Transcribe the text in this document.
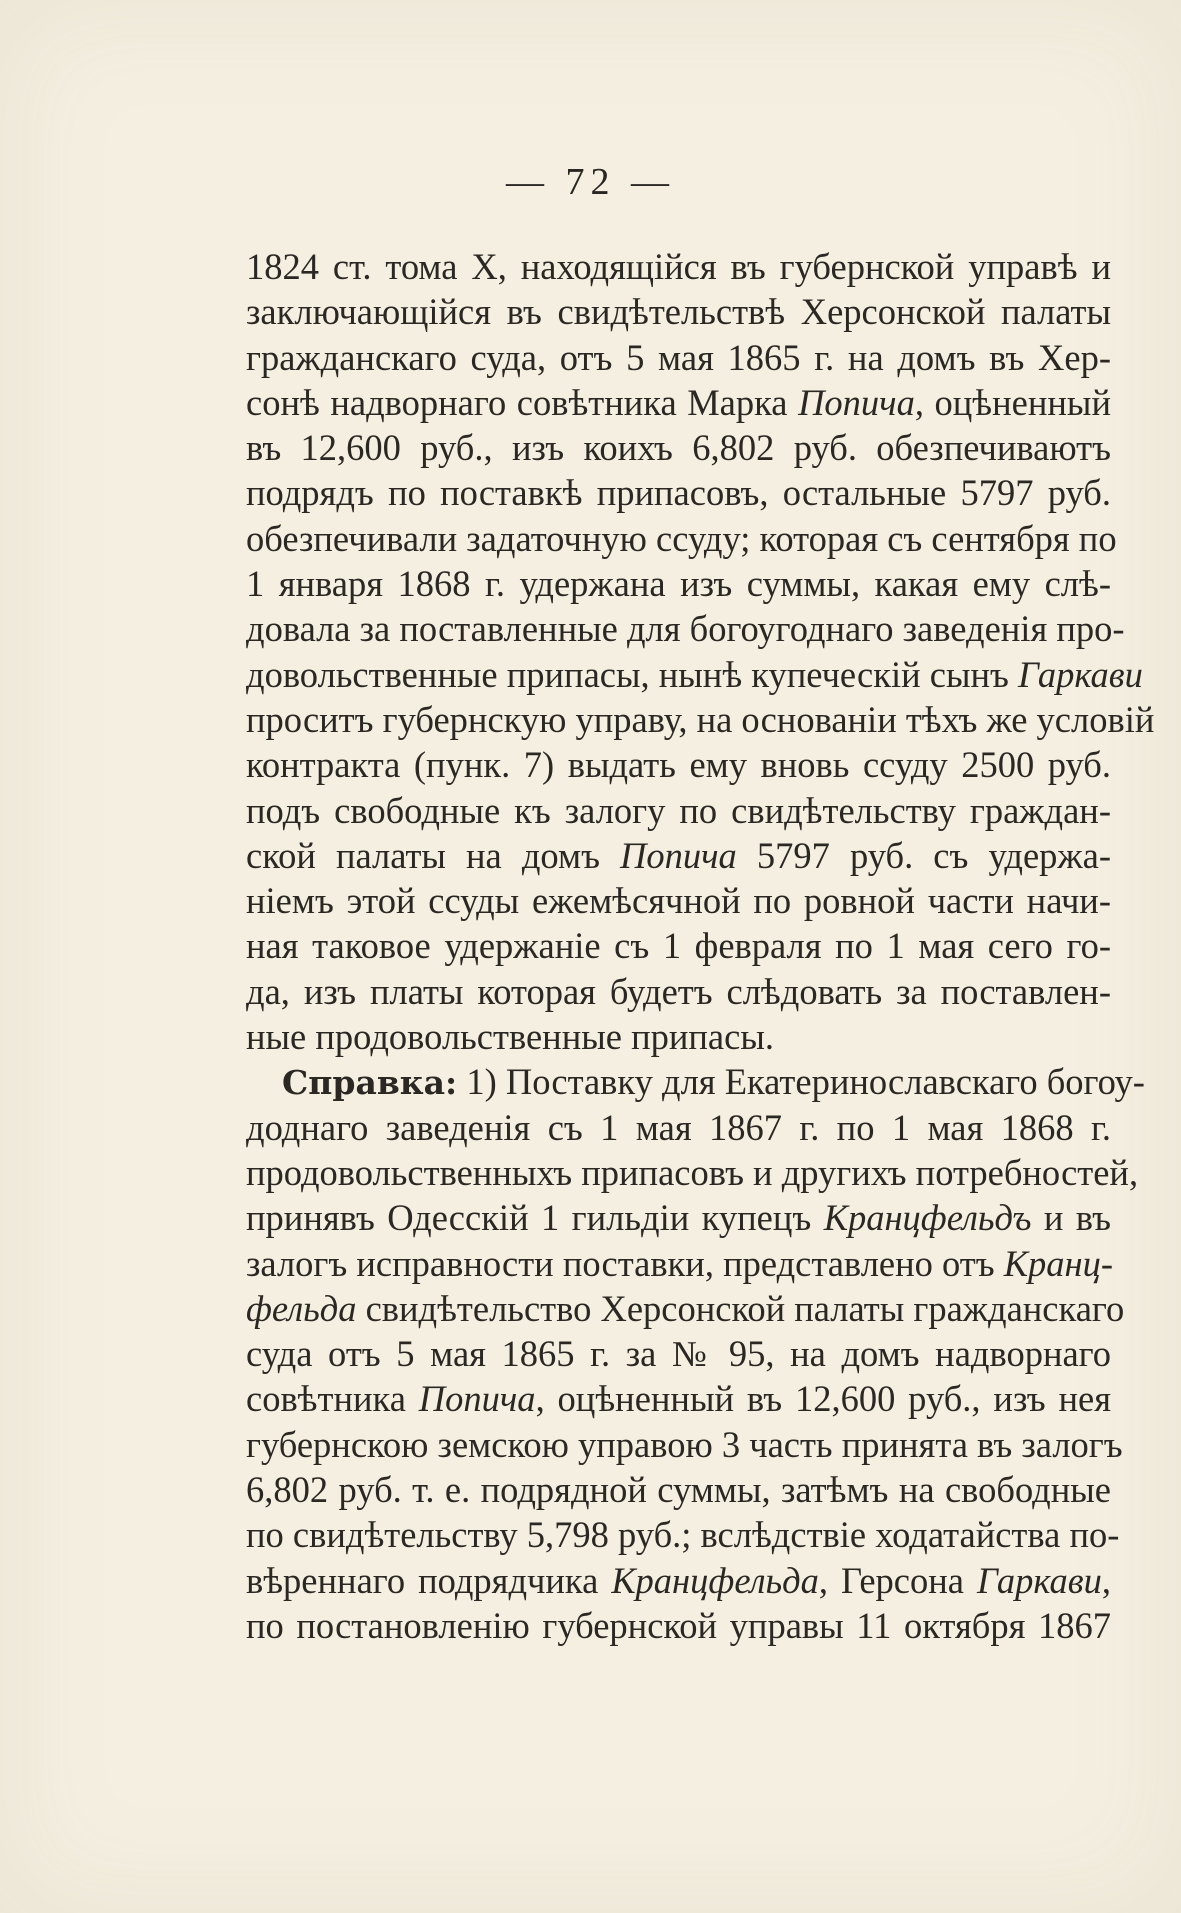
— 72 —
1824 ст. тома X, находящійся въ губернской управѣ и
заключающійся въ свидѣтельствѣ Херсонской палаты
гражданскаго суда, отъ 5 мая 1865 г. на домъ въ Хер-
сонѣ надворнаго совѣтника Марка Попича, оцѣненный
въ 12,600 руб., изъ коихъ 6,802 руб. обезпечиваютъ
подрядъ по поставкѣ припасовъ, остальные 5797 руб.
обезпечивали задаточную ссуду; которая съ сентября по
1 января 1868 г. удержана изъ суммы, какая ему слѣ-
довала за поставленные для богоугоднаго заведенія про-
довольственные припасы, нынѣ купеческій сынъ Гаркави
проситъ губернскую управу, на основаніи тѣхъ же условій
контракта (пунк. 7) выдать ему вновь ссуду 2500 руб.
подъ свободные къ залогу по свидѣтельству граждан-
ской палаты на домъ Попича 5797 руб. съ удержа-
ніемъ этой ссуды ежемѣсячной по ровной части начи-
ная таковое удержаніе съ 1 февраля по 1 мая сего го-
да, изъ платы которая будетъ слѣдовать за поставлен-
ные продовольственные припасы.
Справка: 1) Поставку для Екатеринославскаго богоу-
доднаго заведенія съ 1 мая 1867 г. по 1 мая 1868 г.
продовольственныхъ припасовъ и другихъ потребностей,
принявъ Одесскій 1 гильдіи купецъ Кранцфельдъ и въ
залогъ исправности поставки, представлено отъ Кранц-
фельда свидѣтельство Херсонской палаты гражданскаго
суда отъ 5 мая 1865 г. за № 95, на домъ надворнаго
совѣтника Попича, оцѣненный въ 12,600 руб., изъ нея
губернскою земскою управою 3 часть принята въ залогъ
6,802 руб. т. е. подрядной суммы, затѣмъ на свободные
по свидѣтельству 5,798 руб.; вслѣдствіе ходатайства по-
вѣреннаго подрядчика Кранцфельда, Герсона Гаркави,
по постановленію губернской управы 11 октября 1867
